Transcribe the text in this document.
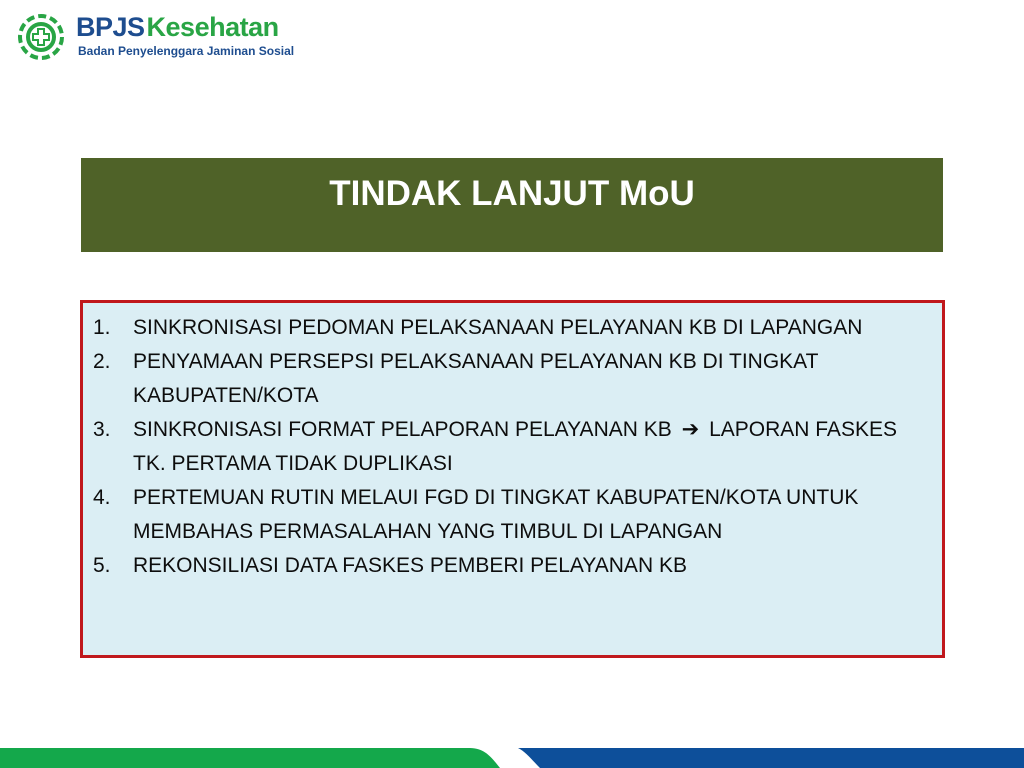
BPJSKesehatan
Badan Penyelenggara Jaminan Sosial
TINDAK LANJUT MoU
1. SINKRONISASI PEDOMAN PELAKSANAAN PELAYANAN KB DI LAPANGAN
2. PENYAMAAN PERSEPSI PELAKSANAAN PELAYANAN KB DI TINGKAT KABUPATEN/KOTA
3. SINKRONISASI FORMAT PELAPORAN PELAYANAN KB ➔ LAPORAN FASKES TK. PERTAMA TIDAK DUPLIKASI
4. PERTEMUAN RUTIN MELAUI FGD DI TINGKAT KABUPATEN/KOTA UNTUK MEMBAHAS PERMASALAHAN YANG TIMBUL DI LAPANGAN
5. REKONSILIASI DATA FASKES PEMBERI PELAYANAN KB
